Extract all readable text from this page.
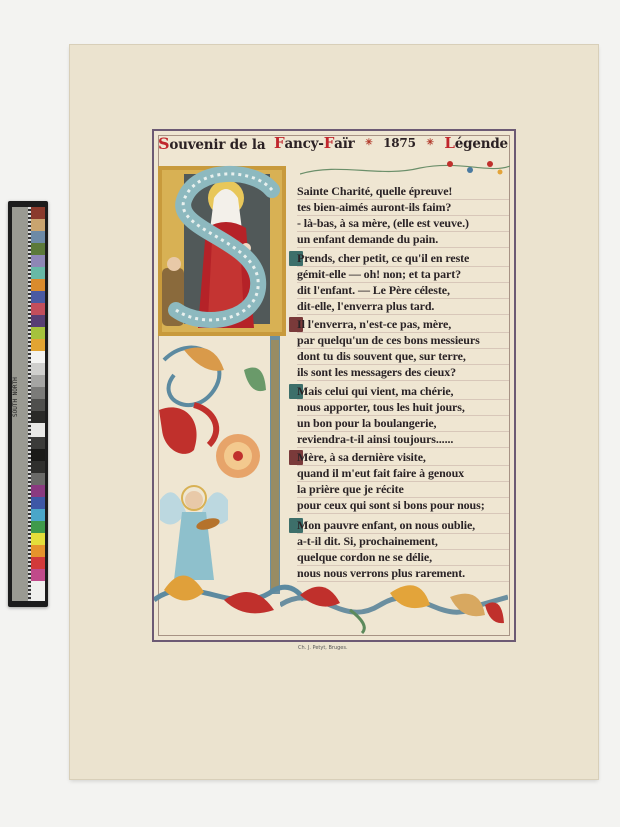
SOUTH NORTH
Souvenir de la Fancy-Faïr ✳ 1875 ✳ Légende
Sainte Charité, quelle épreuve!
tes bien-aimés auront-ils faim?
- là-bas, à sa mère, (elle est veuve.)
un enfant demande du pain.
Prends, cher petit, ce qu'il en reste
gémit-elle — oh! non; et ta part?
dit l'enfant. — Le Père céleste,
dit-elle, l'enverra plus tard.
Il l'enverra, n'est-ce pas, mère,
par quelqu'un de ces bons messieurs
dont tu dis souvent que, sur terre,
ils sont les messagers des cieux?
Mais celui qui vient, ma chérie,
nous apporter, tous les huit jours,
un bon pour la boulangerie,
reviendra-t-il ainsi toujours......
Mère, à sa dernière visite,
quand il m'eut fait faire à genoux
la prière que je récite
pour ceux qui sont si bons pour nous;
Mon pauvre enfant, on nous oublie,
a-t-il dit. Si, prochainement,
quelque cordon ne se délie,
nous nous verrons plus rarement.
Ch. J. Petyt, Bruges.
